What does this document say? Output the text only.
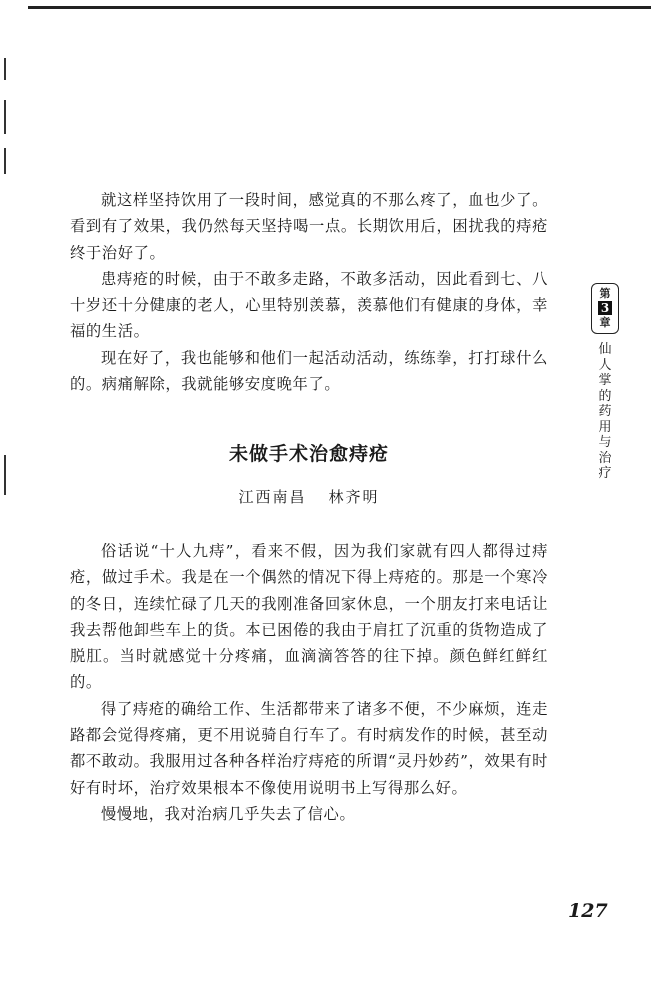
第
3
章
仙人掌的药用与治疗

就这样坚持饮用了一段时间，感觉真的不那么疼了，血也少了。看到有了效果，我仍然每天坚持喝一点。长期饮用后，困扰我的痔疮终于治好了。

患痔疮的时候，由于不敢多走路，不敢多活动，因此看到七、八十岁还十分健康的老人，心里特别羡慕，羡慕他们有健康的身体，幸福的生活。

现在好了，我也能够和他们一起活动活动，练练拳，打打球什么的。病痛解除，我就能够安度晚年了。

未做手术治愈痔疮
江西南昌 林齐明

俗话说“十人九痔”，看来不假，因为我们家就有四人都得过痔疮，做过手术。我是在一个偶然的情况下得上痔疮的。那是一个寒冷的冬日，连续忙碌了几天的我刚准备回家休息，一个朋友打来电话让我去帮他卸些车上的货。本已困倦的我由于肩扛了沉重的货物造成了脱肛。当时就感觉十分疼痛，血滴滴答答的往下掉。颜色鲜红鲜红的。

得了痔疮的确给工作、生活都带来了诸多不便，不少麻烦，连走路都会觉得疼痛，更不用说骑自行车了。有时病发作的时候，甚至动都不敢动。我服用过各种各样治疗痔疮的所谓“灵丹妙药”，效果有时好有时坏，治疗效果根本不像使用说明书上写得那么好。

慢慢地，我对治病几乎失去了信心。

127
